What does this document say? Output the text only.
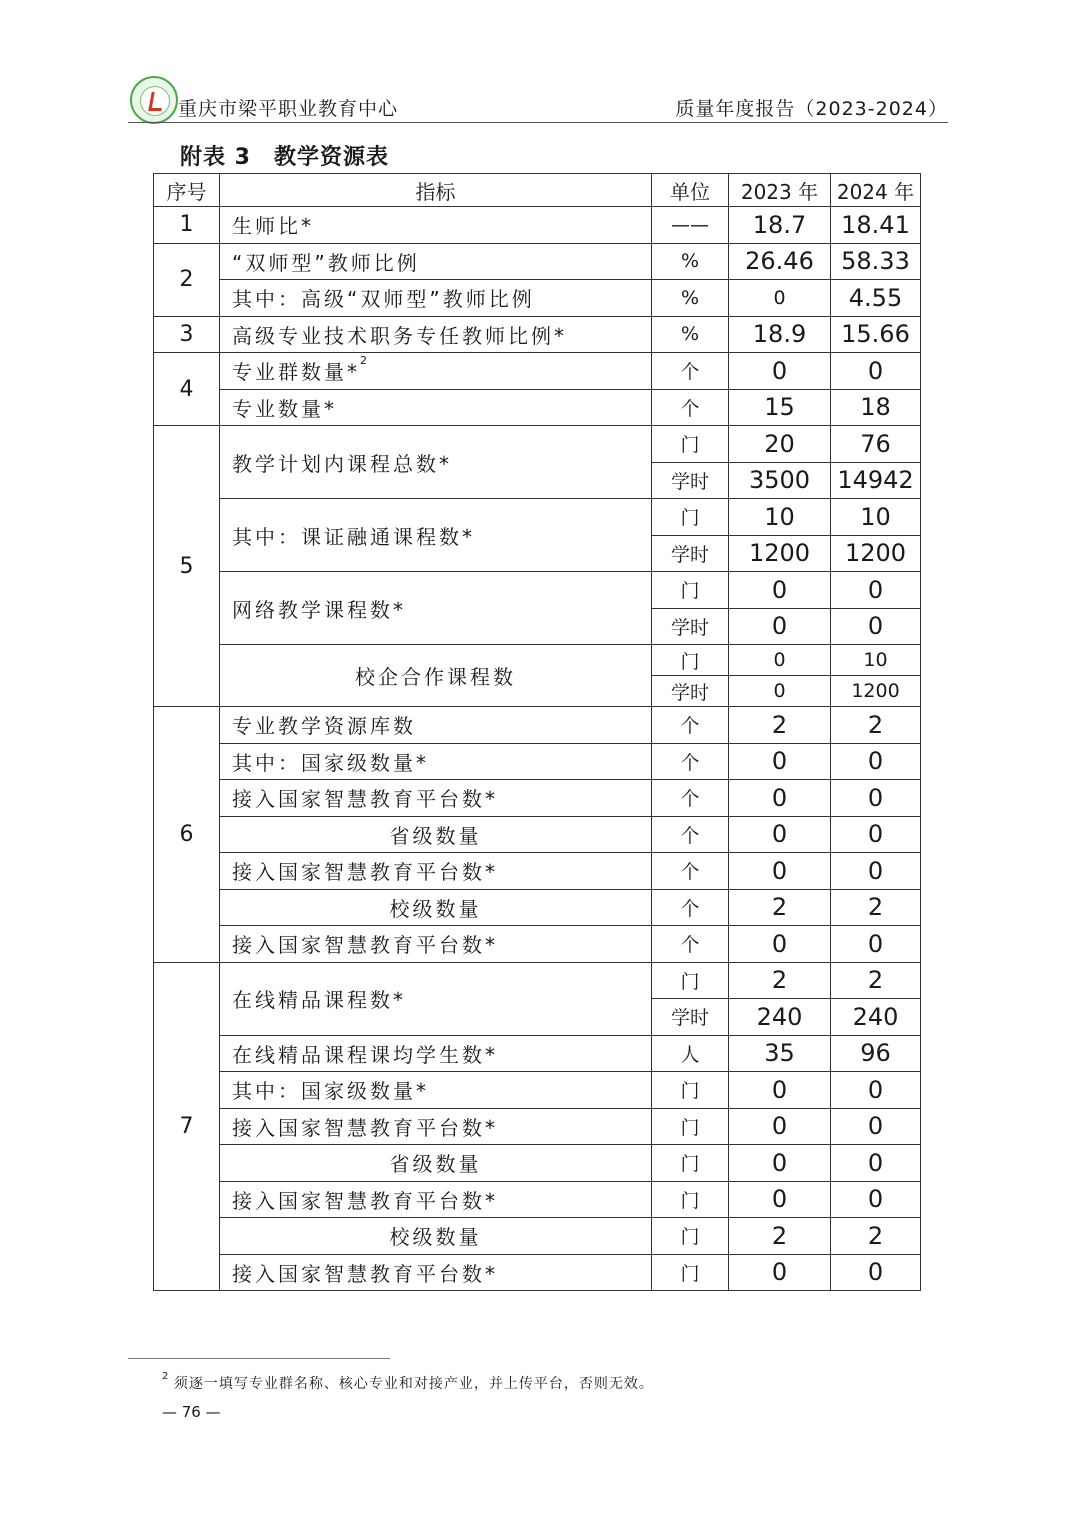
重庆市梁平职业教育中心	质量年度报告（2023-2024）
附表 3　教学资源表
序号	指标	单位	2023 年	2024 年
1	生师比*	——	18.7	18.41
2	“双师型”教师比例	%	26.46	58.33
	其中：高级“双师型”教师比例	%	0	4.55
3	高级专业技术职务专任教师比例*	%	18.9	15.66
4	专业群数量*$^2$	个	0	0
	专业数量*	个	15	18
5	教学计划内课程总数*	门	20	76
		学时	3500	14942
	其中：课证融通课程数*	门	10	10
		学时	1200	1200
	网络教学课程数*	门	0	0
		学时	0	0
	校企合作课程数	门	0	10
		学时	0	1200
6	专业教学资源库数	个	2	2
	其中：国家级数量*	个	0	0
	接入国家智慧教育平台数*	个	0	0
	省级数量	个	0	0
	接入国家智慧教育平台数*	个	0	0
	校级数量	个	2	2
	接入国家智慧教育平台数*	个	0	0
7	在线精品课程数*	门	2	2
		学时	240	240
	在线精品课程课均学生数*	人	35	96
	其中：国家级数量*	门	0	0
	接入国家智慧教育平台数*	门	0	0
	省级数量	门	0	0
	接入国家智慧教育平台数*	门	0	0
	校级数量	门	2	2
	接入国家智慧教育平台数*	门	0	0
$^2$ 须逐一填写专业群名称、核心专业和对接产业，并上传平台，否则无效。
— 76 —
